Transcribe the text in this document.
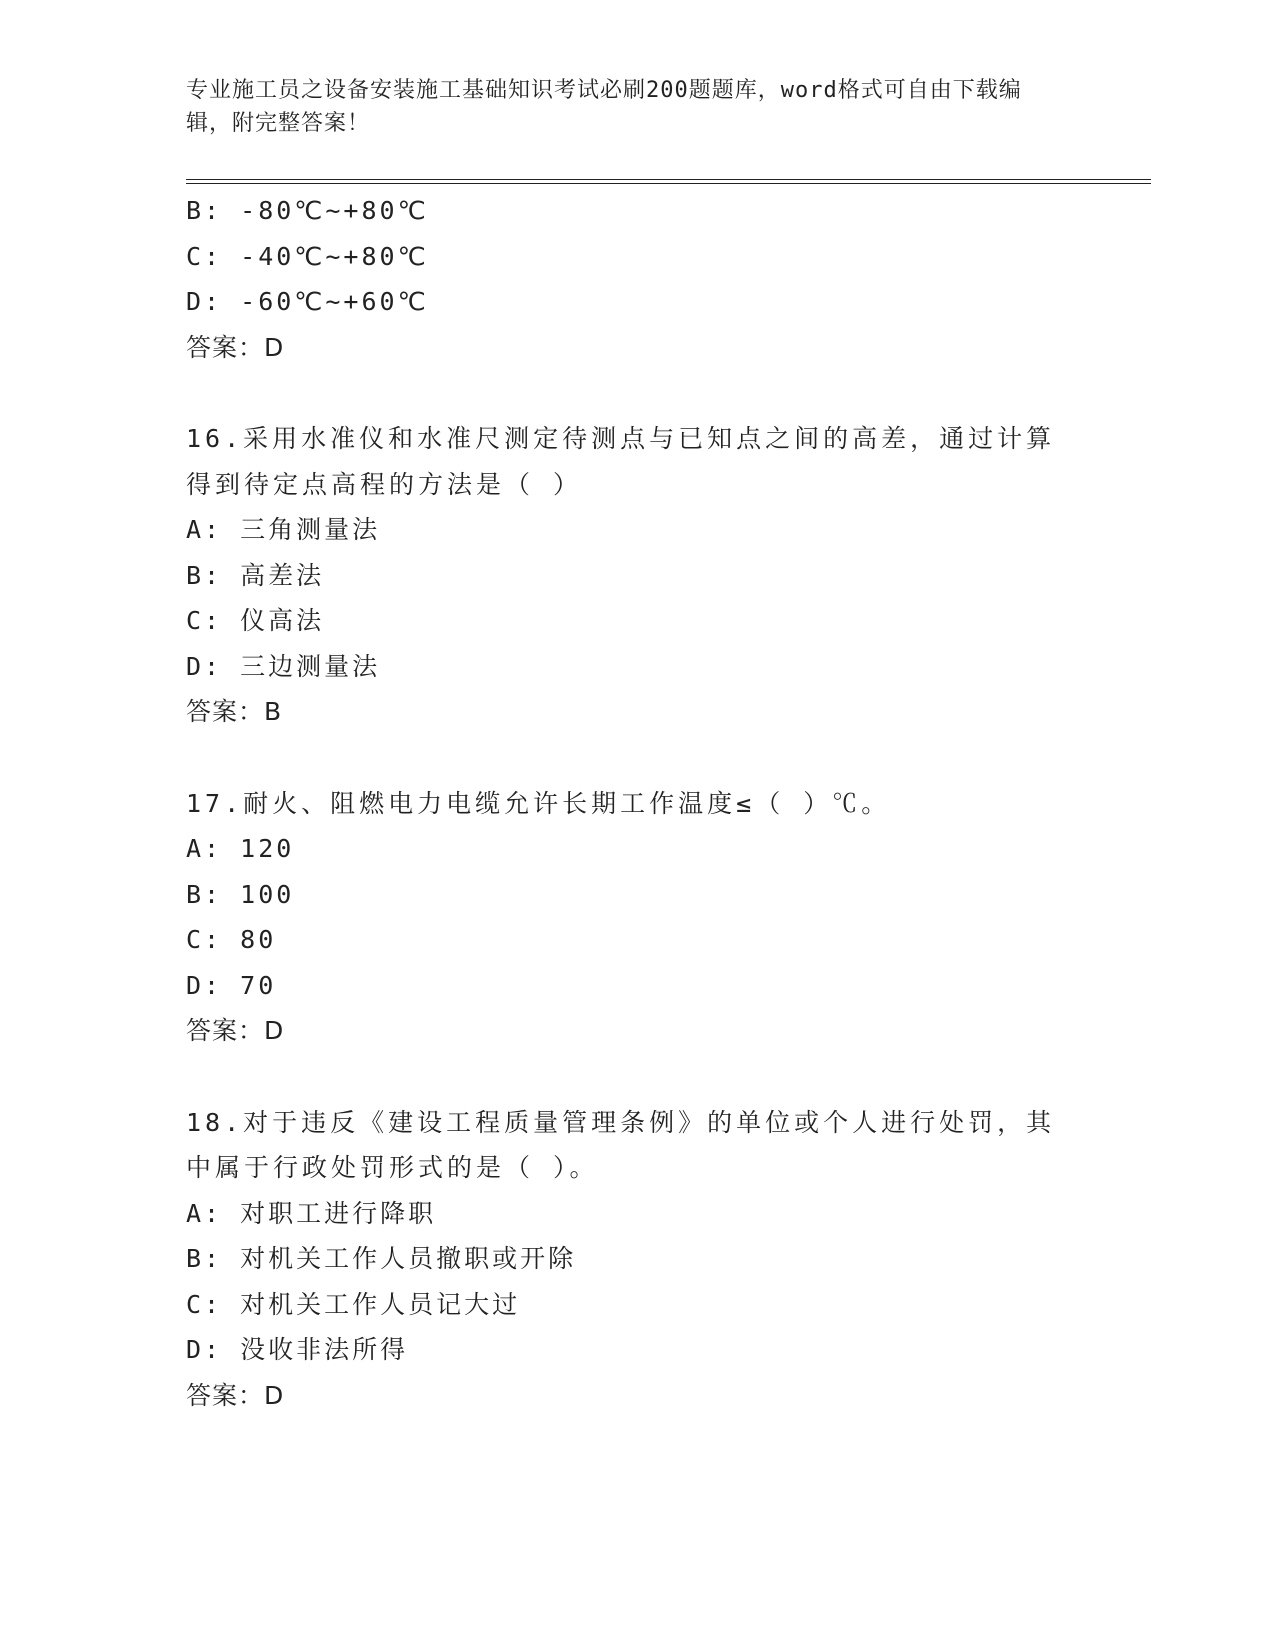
专业施工员之设备安装施工基础知识考试必刷200题题库，word格式可自由下载编辑，附完整答案！
B: -80℃~+80℃
C: -40℃~+80℃
D: -60℃~+60℃
答案：D
16.采用水准仪和水准尺测定待测点与已知点之间的高差，通过计算得到待定点高程的方法是（ ）
A: 三角测量法
B: 高差法
C: 仪高法
D: 三边测量法
答案：B
17.耐火、阻燃电力电缆允许长期工作温度≤（ ）℃。
A: 120
B: 100
C: 80
D: 70
答案：D
18.对于违反《建设工程质量管理条例》的单位或个人进行处罚，其中属于行政处罚形式的是（ ）。
A: 对职工进行降职
B: 对机关工作人员撤职或开除
C: 对机关工作人员记大过
D: 没收非法所得
答案：D
